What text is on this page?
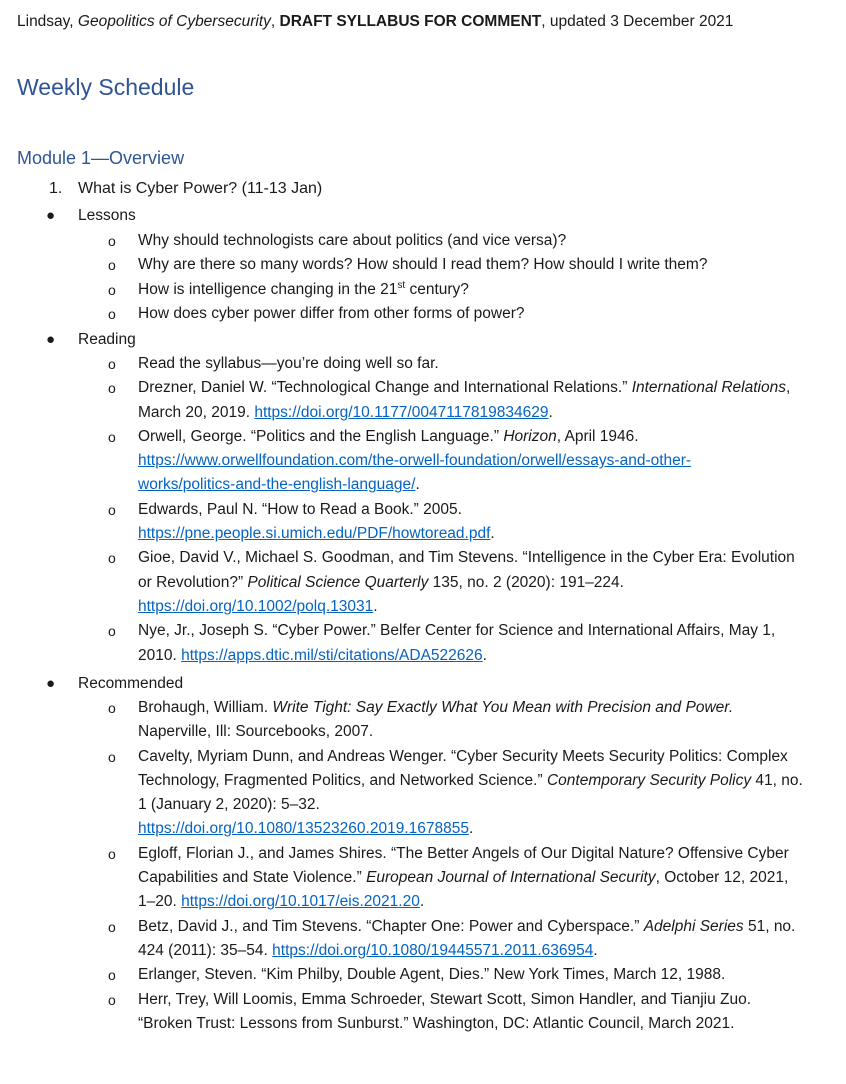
Lindsay, Geopolitics of Cybersecurity, DRAFT SYLLABUS FOR COMMENT, updated 3 December 2021
Weekly Schedule
Module 1—Overview
1. What is Cyber Power? (11-13 Jan)
● Lessons
o Why should technologists care about politics (and vice versa)?
o Why are there so many words? How should I read them? How should I write them?
o How is intelligence changing in the 21st century?
o How does cyber power differ from other forms of power?
● Reading
o Read the syllabus—you’re doing well so far.
o Drezner, Daniel W. “Technological Change and International Relations.” International Relations, March 20, 2019. https://doi.org/10.1177/0047117819834629.
o Orwell, George. “Politics and the English Language.” Horizon, April 1946.
https://www.orwellfoundation.com/the-orwell-foundation/orwell/essays-and-other-
works/politics-and-the-english-language/.
o Edwards, Paul N. “How to Read a Book.” 2005.
https://pne.people.si.umich.edu/PDF/howtoread.pdf.
o Gioe, David V., Michael S. Goodman, and Tim Stevens. “Intelligence in the Cyber Era: Evolution or Revolution?” Political Science Quarterly 135, no. 2 (2020): 191–224.
https://doi.org/10.1002/polq.13031.
o Nye, Jr., Joseph S. “Cyber Power.” Belfer Center for Science and International Affairs, May 1, 2010. https://apps.dtic.mil/sti/citations/ADA522626.
● Recommended
o Brohaugh, William. Write Tight: Say Exactly What You Mean with Precision and Power. Naperville, Ill: Sourcebooks, 2007.
o Cavelty, Myriam Dunn, and Andreas Wenger. “Cyber Security Meets Security Politics: Complex Technology, Fragmented Politics, and Networked Science.” Contemporary Security Policy 41, no. 1 (January 2, 2020): 5–32.
https://doi.org/10.1080/13523260.2019.1678855.
o Egloff, Florian J., and James Shires. “The Better Angels of Our Digital Nature? Offensive Cyber Capabilities and State Violence.” European Journal of International Security, October 12, 2021, 1–20. https://doi.org/10.1017/eis.2021.20.
o Betz, David J., and Tim Stevens. “Chapter One: Power and Cyberspace.” Adelphi Series 51, no. 424 (2011): 35–54. https://doi.org/10.1080/19445571.2011.636954.
o Erlanger, Steven. “Kim Philby, Double Agent, Dies.” New York Times, March 12, 1988.
o Herr, Trey, Will Loomis, Emma Schroeder, Stewart Scott, Simon Handler, and Tianjiu Zuo. “Broken Trust: Lessons from Sunburst.” Washington, DC: Atlantic Council, March 2021.
